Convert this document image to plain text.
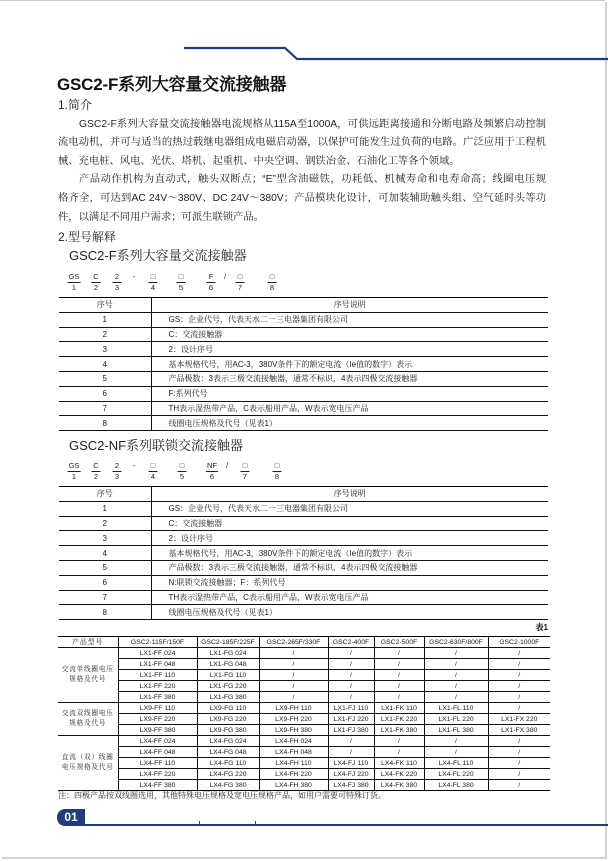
GSC2-F系列大容量交流接触器
1.简介
GSC2-F系列大容量交流接触器电流规格从115A至1000A，可供远距离接通和分断电路及频繁启动控制
流电动机，并可与适当的热过载继电器组成电磁启动器，以保护可能发生过负荷的电路。广泛应用于工程机
械、充电桩、风电、光伏、塔机、起重机、中央空调、钢铁冶金、石油化工等各个领域。
产品动作机构为直动式，触头双断点；“E”型含油磁铁，功耗低、机械寿命和电寿命高；线圈电压规
格齐全，可达到AC 24V～380V、DC 24V～380V；产品模块化设计，可加装辅助触头组、空气延时头等功
件，以满足不同用户需求；可派生联锁产品。
2.型号解释
GSC2-F系列大容量交流接触器
GS
1
C
2
2
3
-	□
4
□
5
F
6
/	□
7
□
8
序号	序号说明
1	GS：企业代号，代表天水二一三电器集团有限公司
2	C：交流接触器
3	2：设计序号
4	基本规格代号，用AC-3，380V条件下的额定电流（Ie值的数字）表示
5	产品极数：3表示三极交流接触器，通常不标识，4表示四极交流接触器
6	F:系列代号
7	TH表示湿热带产品，C表示船用产品，W表示宽电压产品
8	线圈电压规格及代号（见表1）
GSC2-NF系列联锁交流接触器
GS
1
C
2
2
3
-	□
4
□
5
NF
6
/	□
7
□
8
序号	序号说明
1	GS：企业代号，代表天水二一三电器集团有限公司
2	C：交流接触器
3	2：设计序号
4	基本规格代号，用AC-3，380V条件下的额定电流（Ie值的数字）表示
5	产品极数：3表示三极交流接触器，通常不标识，4表示四极交流接触器
6	N:联锁交流接触器；F：系列代号
7	TH表示湿热带产品，C表示船用产品，W表示宽电压产品
8	线圈电压规格及代号（见表1）
表1
产品型号	GSC2-115F/150F	GSC2-185F/225F	GSC2-265F/330F	GSC2-400F	GSC2-500F	GSC2-630F/800F	GSC2-1000F

交流单线圈电压
规格及代号	LX1-FF 024	LX1-FG 024	/	/	/	/	/
	LX1-FF 048	LX1-FG 048	/	/	/	/	/
	LX1-FF 110	LX1-FG 110	/	/	/	/	/
	LX1-FF 220	LX1-FG 220	/	/	/	/	/
	LX1-FF 380	LX1-FG 380	/	/	/	/	/

交流双线圈电压
规格及代号	LX9-FF 110	LX9-FG 110	LX9-FH 110	LX1-FJ 110	LX1-FK 110	LX1-FL 110	/
	LX9-FF 220	LX9-FG 220	LX9-FH 220	LX1-FJ 220	LX1-FK 220	LX1-FL 220	LX1-FX 220
	LX9-FF 380	LX9-FG 380	LX9-FH 380	LX1-FJ 380	LX1-FK 380	LX1-FL 380	LX1-FX 380

直流（双）线圈
电压规格及代号	LX4-FF 024	LX4-FG 024	LX4-FH 024	/	/	/	/
	LX4-FF 048	LX4-FG 048	LX4-FH 048	/	/	/	/
	LX4-FF 110	LX4-FG 110	LX4-FH 110	LX4-FJ 110	LX4-FK 110	LX4-FL 110	/
	LX4-FF 220	LX4-FG 220	LX4-FH 220	LX4-FJ 220	LX4-FK 220	LX4-FL 220	/
	LX4-FF 380	LX4-FG 380	LX4-FH 380	LX4-FJ 380	LX4-FK 380	LX4-FL 380	/
注：四极产品按双线圈选用，其他特殊电压规格及宽电压规格产品，如用户需要可特殊订货。
01
